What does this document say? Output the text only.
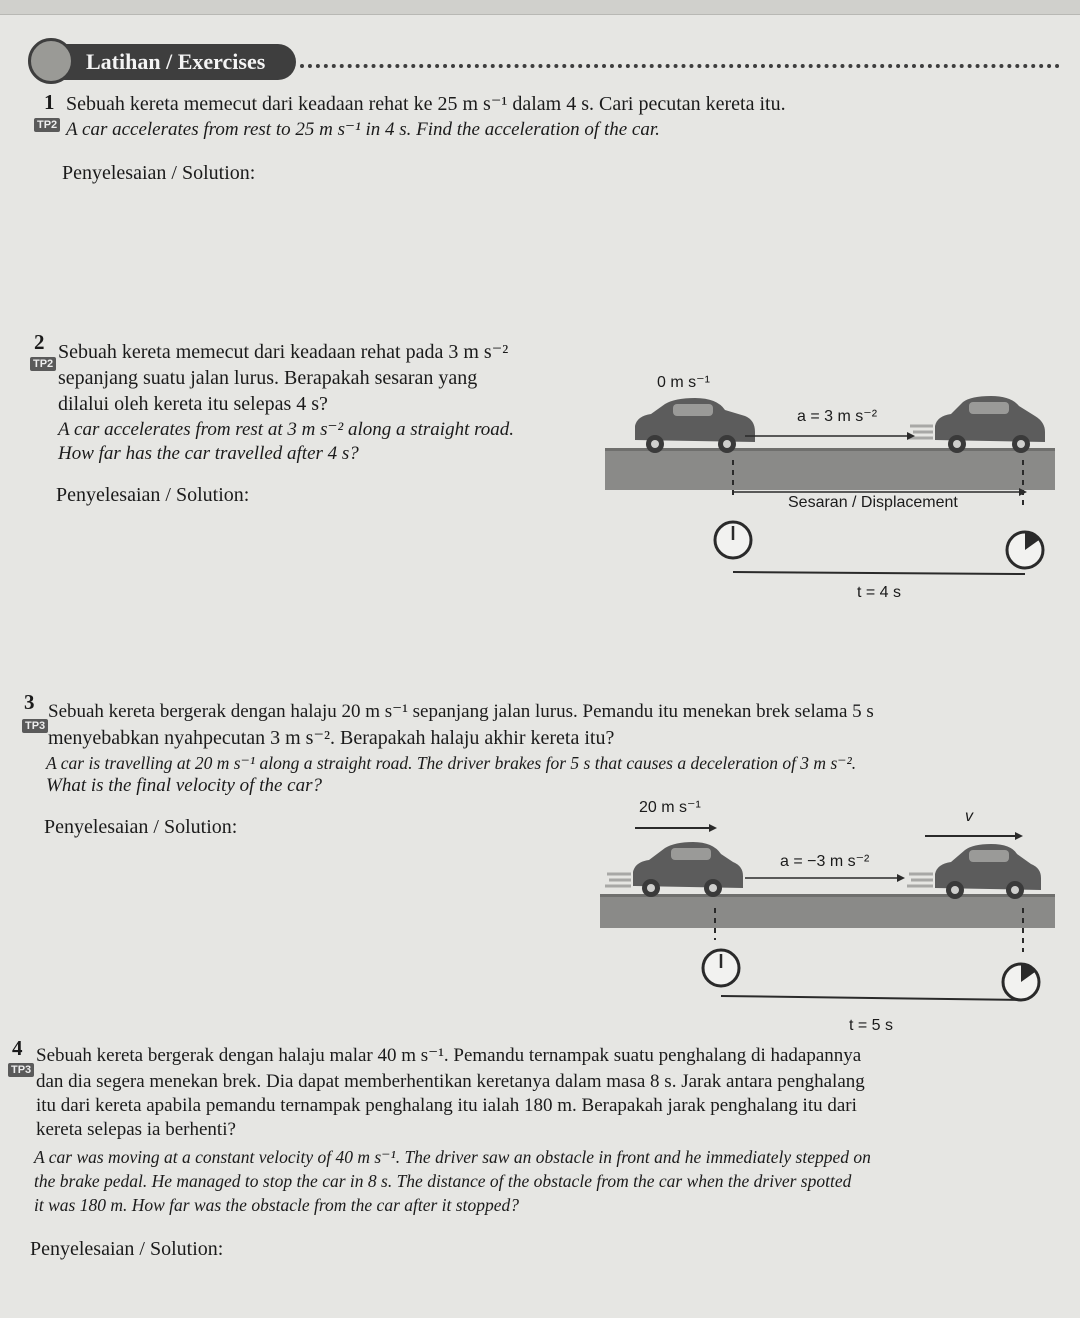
Latihan / Exercises
1
TP2
Sebuah kereta memecut dari keadaan rehat ke 25 m s⁻¹ dalam 4 s. Cari pecutan kereta itu.
A car accelerates from rest to 25 m s⁻¹ in 4 s. Find the acceleration of the car.
Penyelesaian / Solution:
2
TP2
Sebuah kereta memecut dari keadaan rehat pada 3 m s⁻²
sepanjang suatu jalan lurus. Berapakah sesaran yang
dilalui oleh kereta itu selepas 4 s?
A car accelerates from rest at 3 m s⁻² along a straight road.
How far has the car travelled after 4 s?
Penyelesaian / Solution:
0 m s⁻¹
a = 3 m s⁻²
Sesaran / Displacement
t = 4 s
3
TP3
Sebuah kereta bergerak dengan halaju 20 m s⁻¹ sepanjang jalan lurus. Pemandu itu menekan brek selama 5 s
menyebabkan nyahpecutan 3 m s⁻². Berapakah halaju akhir kereta itu?
A car is travelling at 20 m s⁻¹ along a straight road. The driver brakes for 5 s that causes a deceleration of 3 m s⁻².
What is the final velocity of the car?
Penyelesaian / Solution:
20 m s⁻¹
v
a = −3 m s⁻²
t = 5 s
4
TP3
Sebuah kereta bergerak dengan halaju malar 40 m s⁻¹. Pemandu ternampak suatu penghalang di hadapannya
dan dia segera menekan brek. Dia dapat memberhentikan keretanya dalam masa 8 s. Jarak antara penghalang
itu dari kereta apabila pemandu ternampak penghalang itu ialah 180 m. Berapakah jarak penghalang itu dari
kereta selepas ia berhenti?
A car was moving at a constant velocity of 40 m s⁻¹. The driver saw an obstacle in front and he immediately stepped on
the brake pedal. He managed to stop the car in 8 s. The distance of the obstacle from the car when the driver spotted
it was 180 m. How far was the obstacle from the car after it stopped?
Penyelesaian / Solution:
